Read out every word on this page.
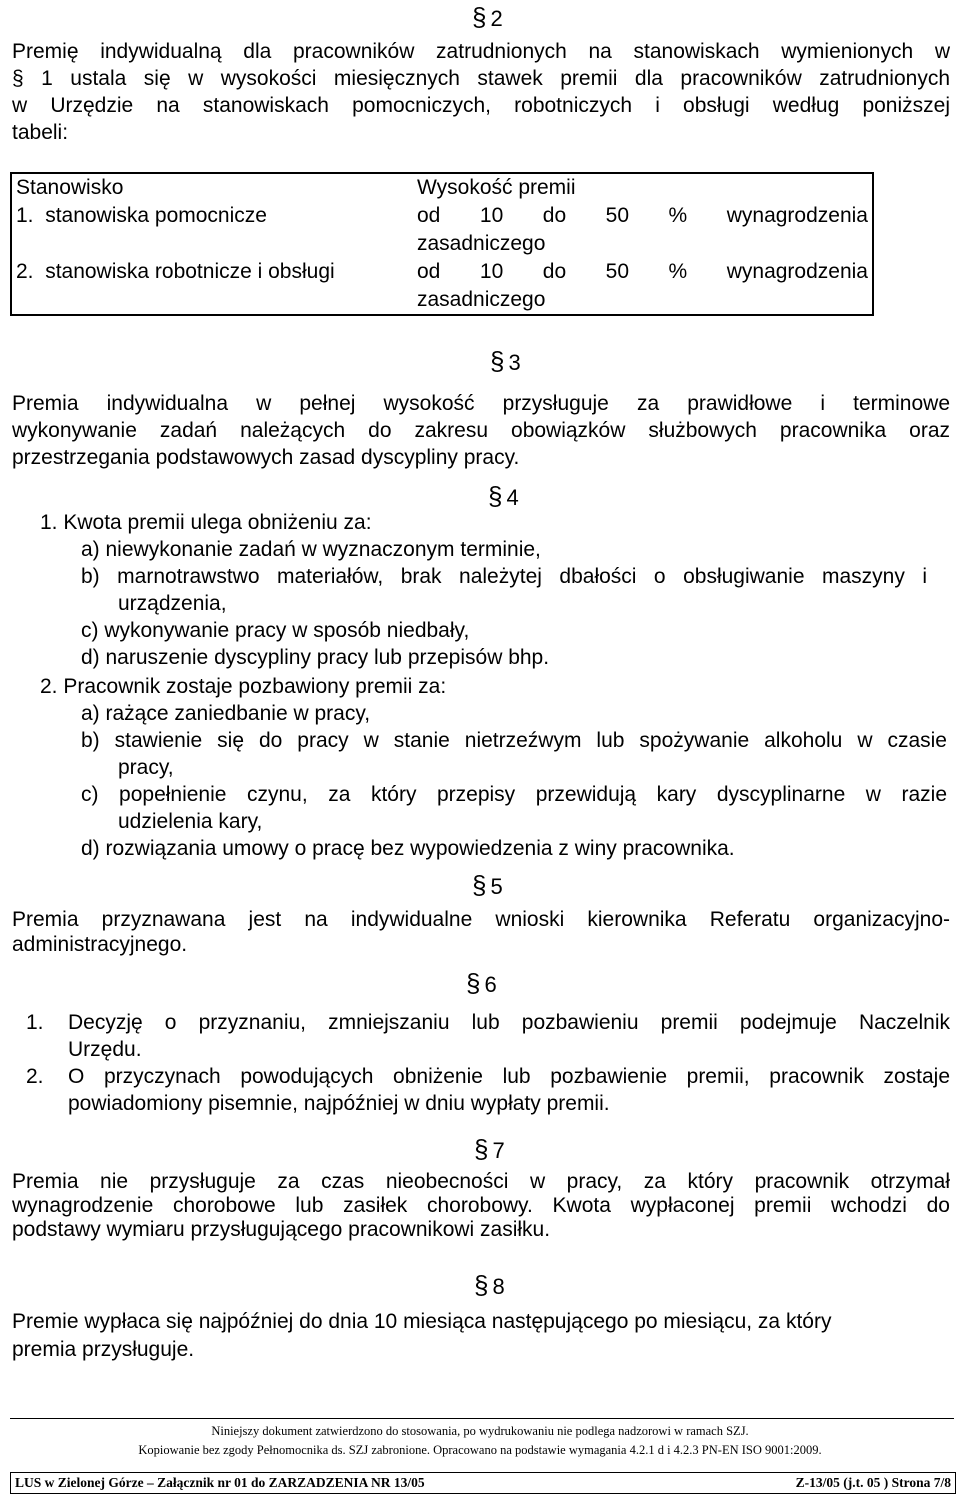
§ 2
Premię indywidualną dla pracowników zatrudnionych na stanowiskach wymienionych w
§ 1 ustala się w wysokości miesięcznych stawek premii dla pracowników zatrudnionych
w Urzędzie na stanowiskach pomocniczych, robotniczych i obsługi według poniższej
tabeli:
Stanowisko	Wysokość premii
1. stanowiska pomocnicze	od 10 do 50 % wynagrodzenia
zasadniczego
2. stanowiska robotnicze i obsługi	od 10 do 50 % wynagrodzenia
zasadniczego
§ 3
Premia indywidualna w pełnej wysokość przysługuje za prawidłowe i terminowe
wykonywanie zadań należących do zakresu obowiązków służbowych pracownika oraz
przestrzegania podstawowych zasad dyscypliny pracy.
§ 4
1. Kwota premii ulega obniżeniu za:
a) niewykonanie zadań w wyznaczonym terminie,
b) marnotrawstwo materiałów, brak należytej dbałości o obsługiwanie maszyny i
urządzenia,
c) wykonywanie pracy w sposób niedbały,
d) naruszenie dyscypliny pracy lub przepisów bhp.
2. Pracownik zostaje pozbawiony premii za:
a) rażące zaniedbanie w pracy,
b) stawienie się do pracy w stanie nietrzeźwym lub spożywanie alkoholu w czasie
pracy,
c) popełnienie czynu, za który przepisy przewidują kary dyscyplinarne w razie
udzielenia kary,
d) rozwiązania umowy o pracę bez wypowiedzenia z winy pracownika.
§ 5
Premia przyznawana jest na indywidualne wnioski kierownika Referatu organizacyjno-
administracyjnego.
§ 6
1. Decyzję o przyznaniu, zmniejszaniu lub pozbawieniu premii podejmuje Naczelnik
Urzędu.
2. O przyczynach powodujących obniżenie lub pozbawienie premii, pracownik zostaje
powiadomiony pisemnie, najpóźniej w dniu wypłaty premii.
§ 7
Premia nie przysługuje za czas nieobecności w pracy, za który pracownik otrzymał
wynagrodzenie chorobowe lub zasiłek chorobowy. Kwota wypłaconej premii wchodzi do
podstawy wymiaru przysługującego pracownikowi zasiłku.
§ 8
Premie wypłaca się najpóźniej do dnia 10 miesiąca następującego po miesiącu, za który
premia przysługuje.
Niniejszy dokument zatwierdzono do stosowania, po wydrukowaniu nie podlega nadzorowi w ramach SZJ.
Kopiowanie bez zgody Pełnomocnika ds. SZJ zabronione. Opracowano na podstawie wymagania 4.2.1 d i 4.2.3 PN-EN ISO 9001:2009.
LUS w Zielonej Górze – Załącznik nr 01 do ZARZADZENIA NR 13/05	Z-13/05 (j.t. 05 ) Strona 7/8
